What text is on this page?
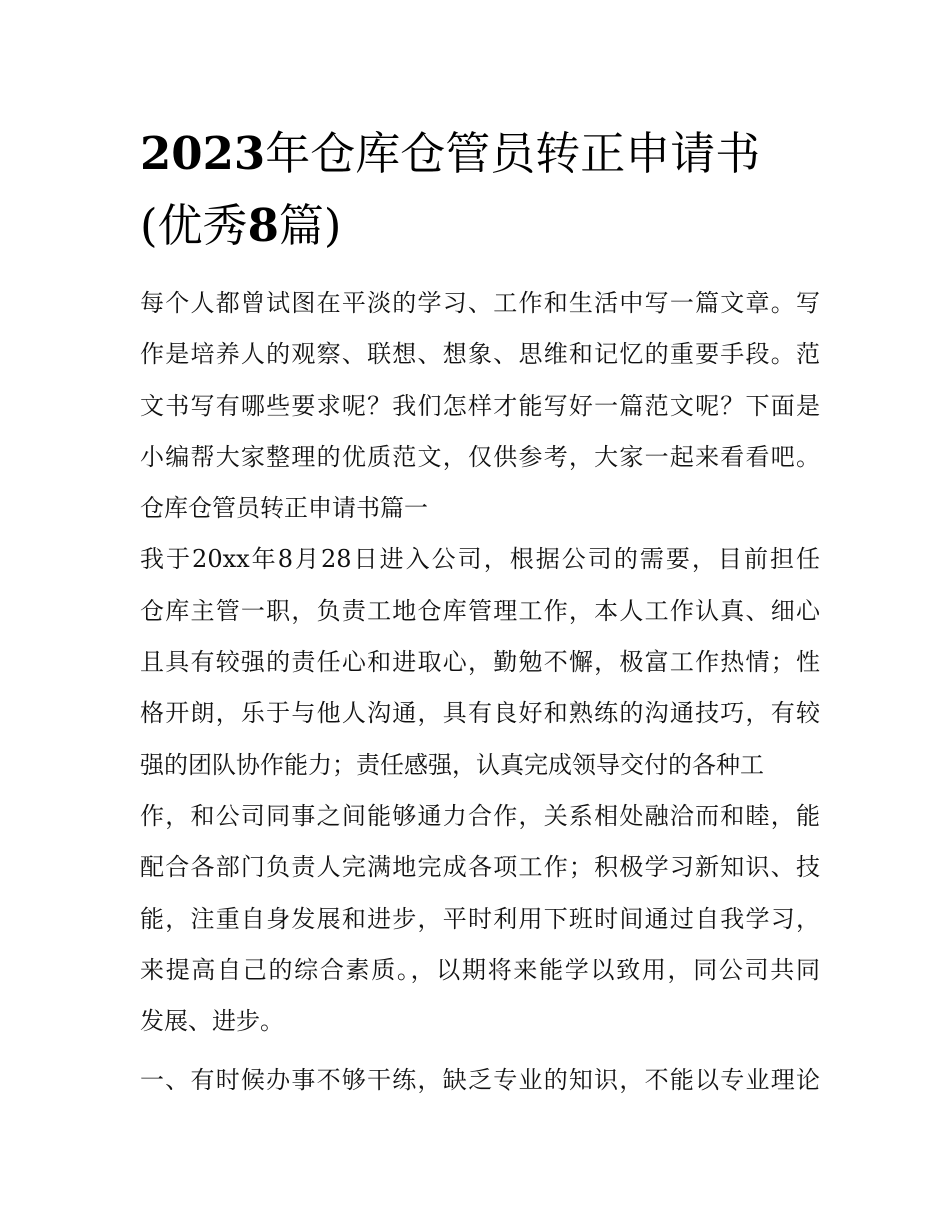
2023年仓库仓管员转正申请书
(优秀8篇)
每个人都曾试图在平淡的学习、工作和生活中写一篇文章。写
作是培养人的观察、联想、想象、思维和记忆的重要手段。范
文书写有哪些要求呢？我们怎样才能写好一篇范文呢？下面是
小编帮大家整理的优质范文，仅供参考，大家一起来看看吧。
仓库仓管员转正申请书篇一
我于20xx年8月28日进入公司，根据公司的需要，目前担任
仓库主管一职，负责工地仓库管理工作，本人工作认真、细心
且具有较强的责任心和进取心，勤勉不懈，极富工作热情；性
格开朗，乐于与他人沟通，具有良好和熟练的沟通技巧，有较
强的团队协作能力；责任感强，认真完成领导交付的各种工
作，和公司同事之间能够通力合作，关系相处融洽而和睦，能
配合各部门负责人完满地完成各项工作；积极学习新知识、技
能，注重自身发展和进步，平时利用下班时间通过自我学习，
来提高自己的综合素质。，以期将来能学以致用，同公司共同
发展、进步。
一、有时候办事不够干练，缺乏专业的知识，不能以专业理论
